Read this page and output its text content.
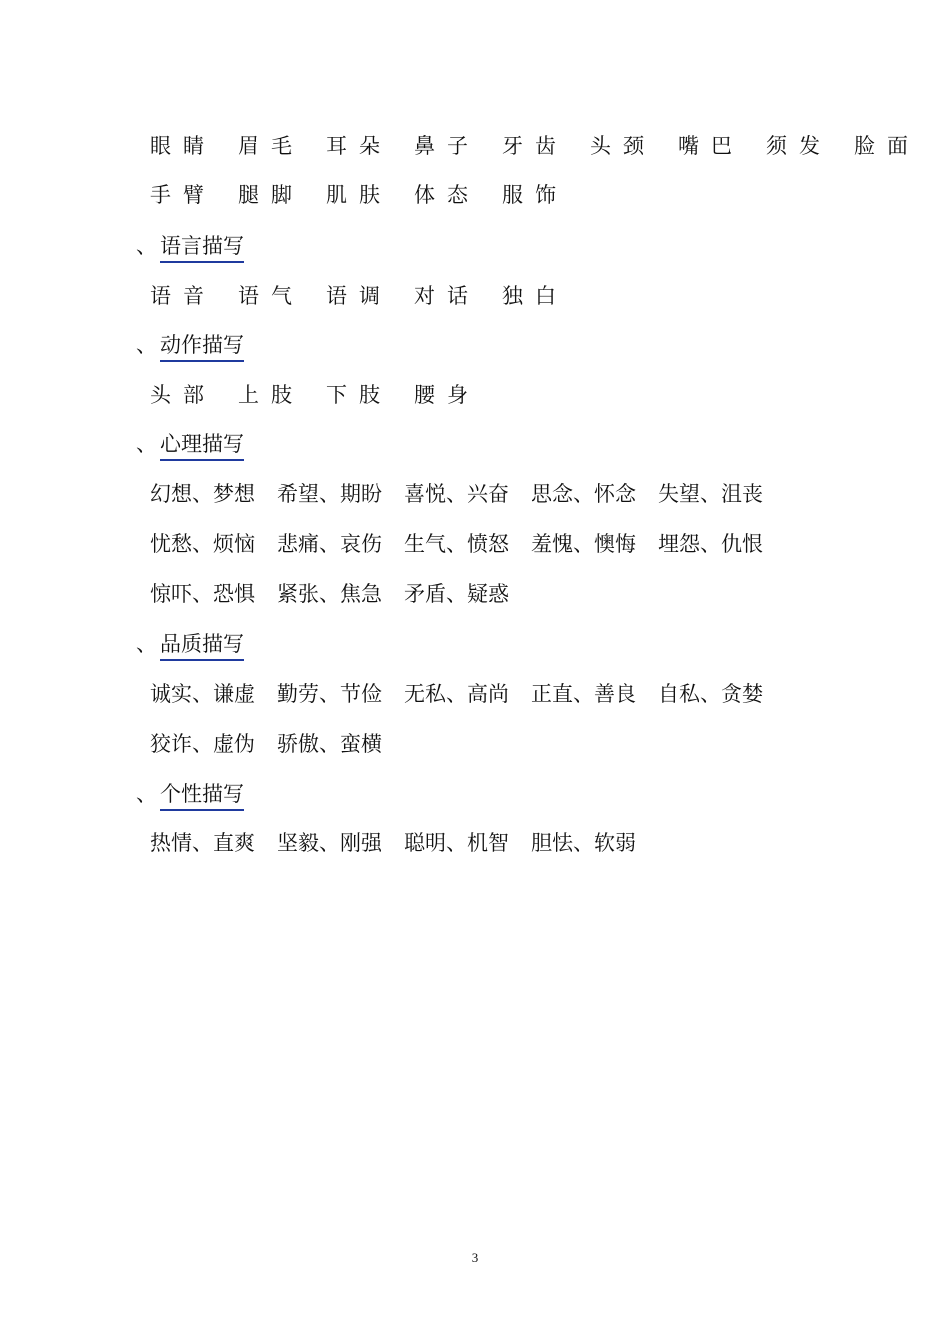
眼睛 眉毛 耳朵 鼻子 牙齿 头颈 嘴巴 须发 脸面
手臂 腿脚 肌肤 体态 服饰
、 语言描写
语音 语气 语调 对话 独白
、 动作描写
头部 上肢 下肢 腰身
、 心理描写
幻想、梦想 希望、期盼 喜悦、兴奋 思念、怀念 失望、沮丧
忧愁、烦恼 悲痛、哀伤 生气、愤怒 羞愧、懊悔 埋怨、仇恨
惊吓、恐惧 紧张、焦急 矛盾、疑惑
、 品质描写
诚实、谦虚 勤劳、节俭 无私、高尚 正直、善良 自私、贪婪
狡诈、虚伪 骄傲、蛮横
、 个性描写
热情、直爽 坚毅、刚强 聪明、机智 胆怯、软弱
3
